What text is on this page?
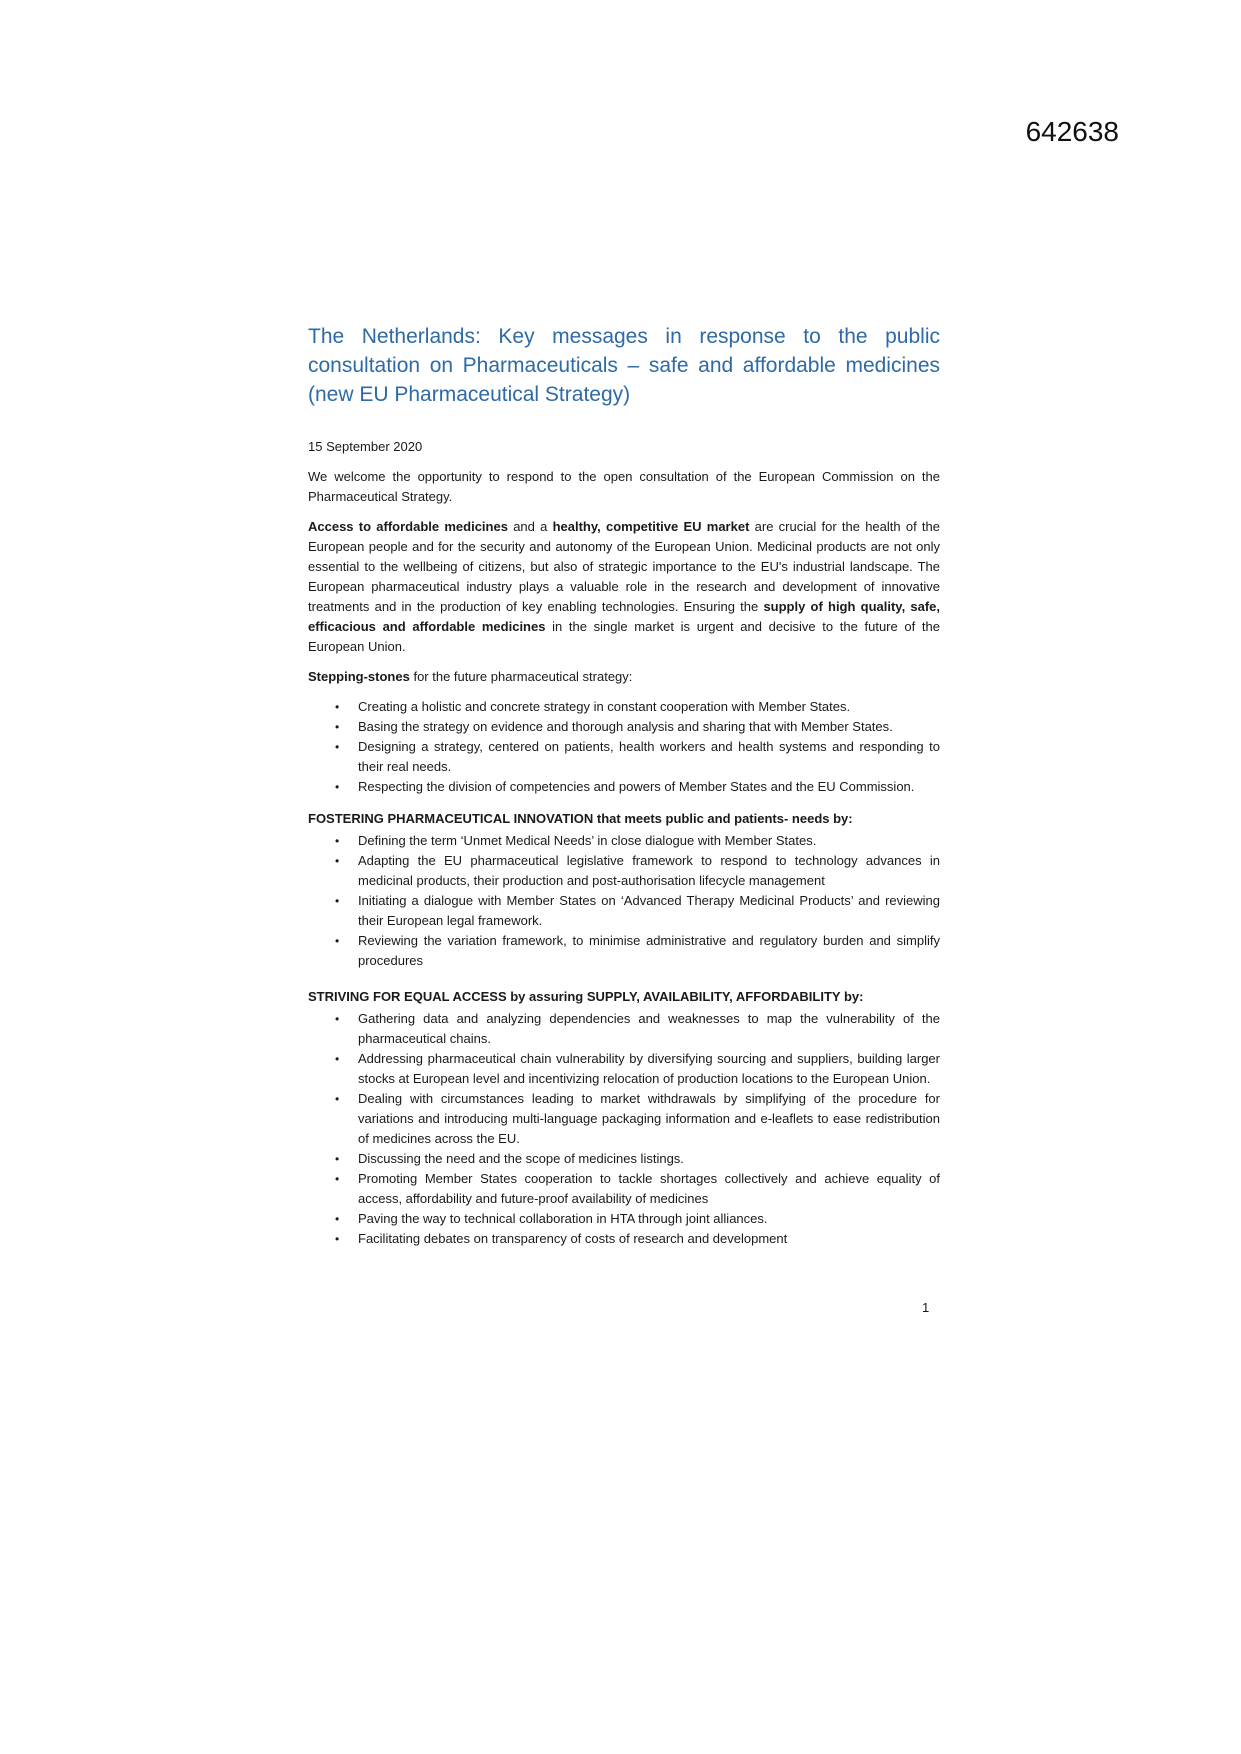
642638
The Netherlands: Key messages in response to the public consultation on Pharmaceuticals – safe and affordable medicines (new EU Pharmaceutical Strategy)
15 September 2020

We welcome the opportunity to respond to the open consultation of the European Commission on the Pharmaceutical Strategy.

Access to affordable medicines and a healthy, competitive EU market are crucial for the health of the European people and for the security and autonomy of the European Union. Medicinal products are not only essential to the wellbeing of citizens, but also of strategic importance to the EU's industrial landscape. The European pharmaceutical industry plays a valuable role in the research and development of innovative treatments and in the production of key enabling technologies. Ensuring the supply of high quality, safe, efficacious and affordable medicines in the single market is urgent and decisive to the future of the European Union.

Stepping-stones for the future pharmaceutical strategy:
• Creating a holistic and concrete strategy in constant cooperation with Member States.
• Basing the strategy on evidence and thorough analysis and sharing that with Member States.
• Designing a strategy, centered on patients, health workers and health systems and responding to their real needs.
• Respecting the division of competencies and powers of Member States and the EU Commission.
FOSTERING PHARMACEUTICAL INNOVATION that meets public and patients- needs by:
• Defining the term ‘Unmet Medical Needs’ in close dialogue with Member States.
• Adapting the EU pharmaceutical legislative framework to respond to technology advances in medicinal products, their production and post-authorisation lifecycle management
• Initiating a dialogue with Member States on ‘Advanced Therapy Medicinal Products’ and reviewing their European legal framework.
• Reviewing the variation framework, to minimise administrative and regulatory burden and simplify procedures
STRIVING FOR EQUAL ACCESS by assuring SUPPLY, AVAILABILITY, AFFORDABILITY by:
• Gathering data and analyzing dependencies and weaknesses to map the vulnerability of the pharmaceutical chains.
• Addressing pharmaceutical chain vulnerability by diversifying sourcing and suppliers, building larger stocks at European level and incentivizing relocation of production locations to the European Union.
• Dealing with circumstances leading to market withdrawals by simplifying of the procedure for variations and introducing multi-language packaging information and e-leaflets to ease redistribution of medicines across the EU.
• Discussing the need and the scope of medicines listings.
• Promoting Member States cooperation to tackle shortages collectively and achieve equality of access, affordability and future-proof availability of medicines
• Paving the way to technical collaboration in HTA through joint alliances.
• Facilitating debates on transparency of costs of research and development
1
